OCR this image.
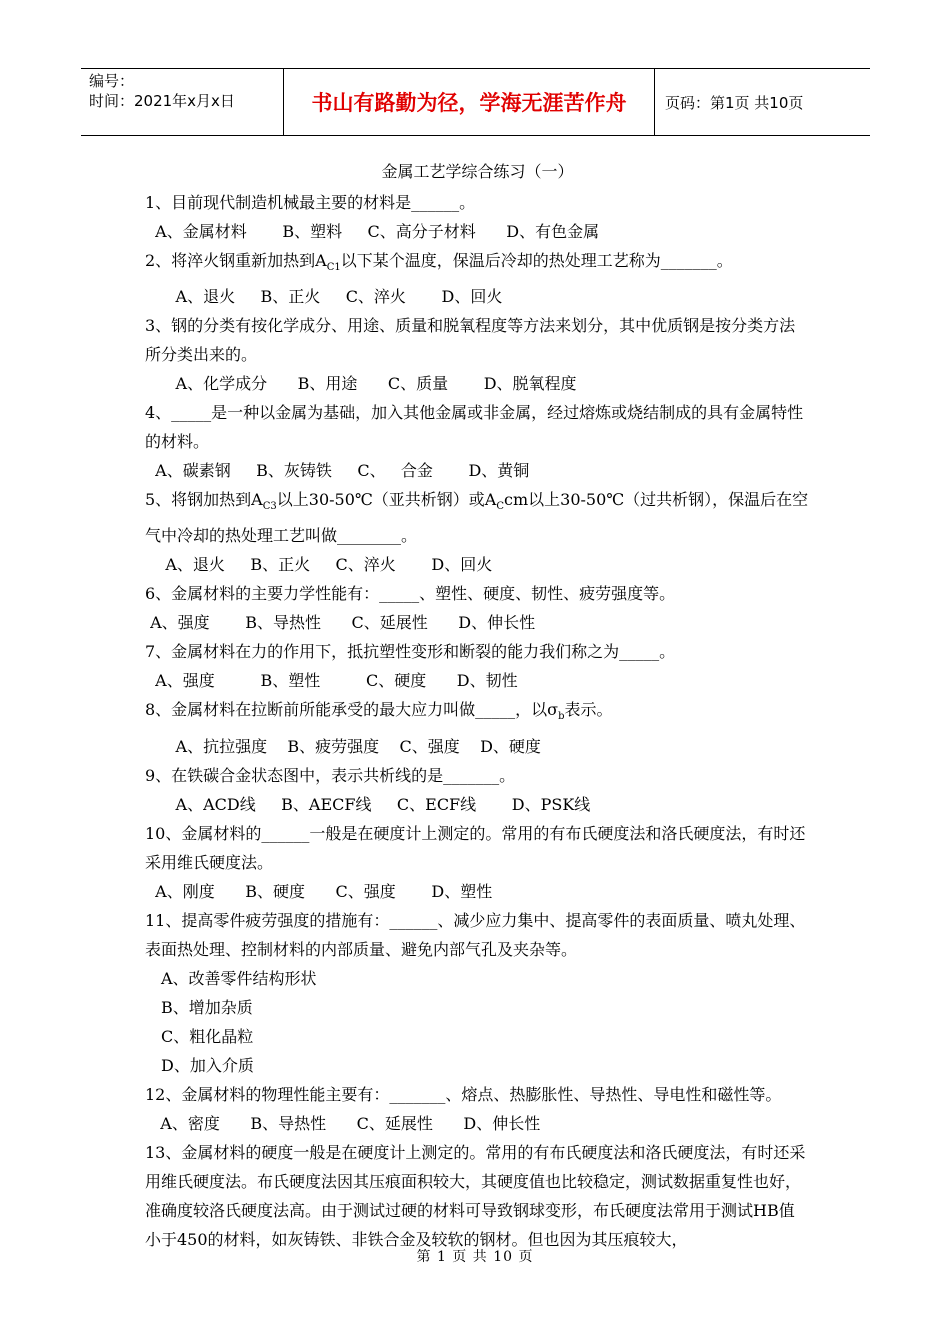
编号：
时间：2021年x月x日	书山有路勤为径，学海无涯苦作舟	页码：第1页 共10页
金属工艺学综合练习（一）
1、目前现代制造机械最主要的材料是______。
A、金属材料       B、塑料     C、高分子材料      D、有色金属
2、将淬火钢重新加热到$A_{C1}$以下某个温度，保温后冷却的热处理工艺称为_______。
A、退火     B、正火     C、淬火       D、回火
3、钢的分类有按化学成分、用途、质量和脱氧程度等方法来划分，其中优质钢是按分类方法所分类出来的。
A、化学成分      B、用途      C、质量       D、脱氧程度
4、_____是一种以金属为基础，加入其他金属或非金属，经过熔炼或烧结制成的具有金属特性的材料。
A、碳素钢     B、灰铸铁     C、   合金       D、黄铜
5、将钢加热到$A_{C3}$以上30-50℃（亚共析钢）或$A_Ccm$以上30-50℃（过共析钢），保温后在空气中冷却的热处理工艺叫做________。
A、退火     B、正火     C、淬火       D、回火
6、金属材料的主要力学性能有：_____、塑性、硬度、韧性、疲劳强度等。
A、强度       B、导热性      C、延展性      D、伸长性
7、金属材料在力的作用下，抵抗塑性变形和断裂的能力我们称之为_____。
A、强度         B、塑性         C、硬度      D、韧性
8、金属材料在拉断前所能承受的最大应力叫做_____，以$\sigma_b$表示。
A、抗拉强度    B、疲劳强度    C、强度    D、硬度
9、在铁碳合金状态图中，表示共析线的是_______。
A、ACD线     B、AECF线     C、ECF线       D、PSK线
10、金属材料的______一般是在硬度计上测定的。常用的有布氏硬度法和洛氏硬度法，有时还采用维氏硬度法。
A、刚度      B、硬度      C、强度       D、塑性
11、提高零件疲劳强度的措施有：______、减少应力集中、提高零件的表面质量、喷丸处理、表面热处理、控制材料的内部质量、避免内部气孔及夹杂等。
A、改善零件结构形状
B、增加杂质
C、粗化晶粒
D、加入介质
12、金属材料的物理性能主要有：_______、熔点、热膨胀性、导热性、导电性和磁性等。
A、密度      B、导热性      C、延展性      D、伸长性
13、金属材料的硬度一般是在硬度计上测定的。常用的有布氏硬度法和洛氏硬度法，有时还采用维氏硬度法。布氏硬度法因其压痕面积较大，其硬度值也比较稳定，测试数据重复性也好，准确度较洛氏硬度法高。由于测试过硬的材料可导致钢球变形，布氏硬度法常用于测试HB值小于450的材料，如灰铸铁、非铁合金及较软的钢材。但也因为其压痕较大，
第 1 页 共 10 页
